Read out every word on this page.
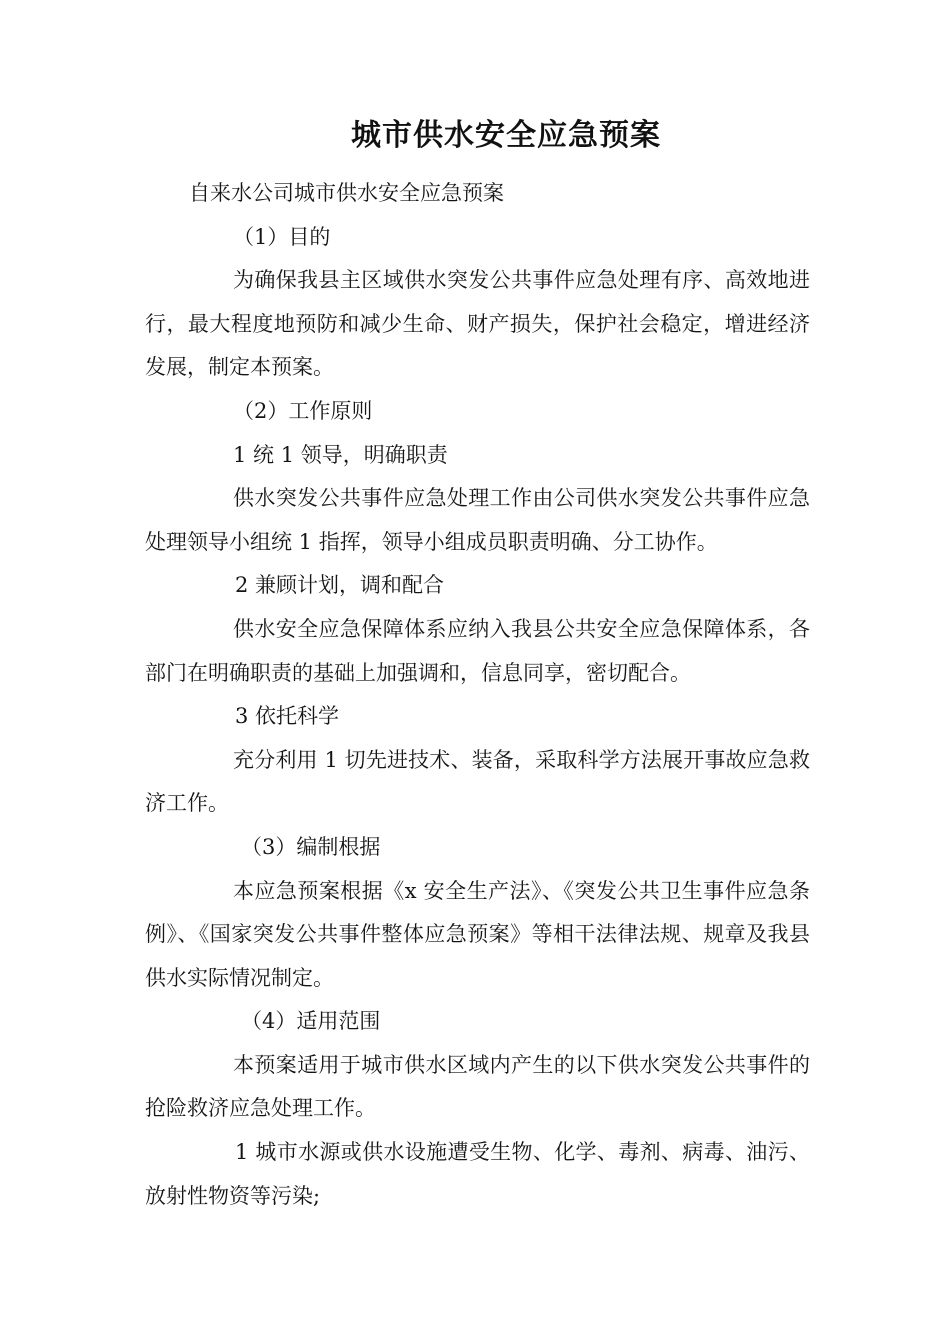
城市供水安全应急预案

自来水公司城市供水安全应急预案

（1）目的

为确保我县主区域供水突发公共事件应急处理有序、高效地进行，最大程度地预防和减少生命、财产损失，保护社会稳定，增进经济发展，制定本预案。

（2）工作原则

1 统 1 领导，明确职责

供水突发公共事件应急处理工作由公司供水突发公共事件应急处理领导小组统 1 指挥，领导小组成员职责明确、分工协作。

2 兼顾计划，调和配合

供水安全应急保障体系应纳入我县公共安全应急保障体系，各部门在明确职责的基础上加强调和，信息同享，密切配合。

3 依托科学

充分利用 1 切先进技术、装备，采取科学方法展开事故应急救济工作。

（3）编制根据

本应急预案根据《x 安全生产法》、《突发公共卫生事件应急条例》、《国家突发公共事件整体应急预案》等相干法律法规、规章及我县供水实际情况制定。

（4）适用范围

本预案适用于城市供水区域内产生的以下供水突发公共事件的抢险救济应急处理工作。

1 城市水源或供水设施遭受生物、化学、毒剂、病毒、油污、放射性物资等污染;
